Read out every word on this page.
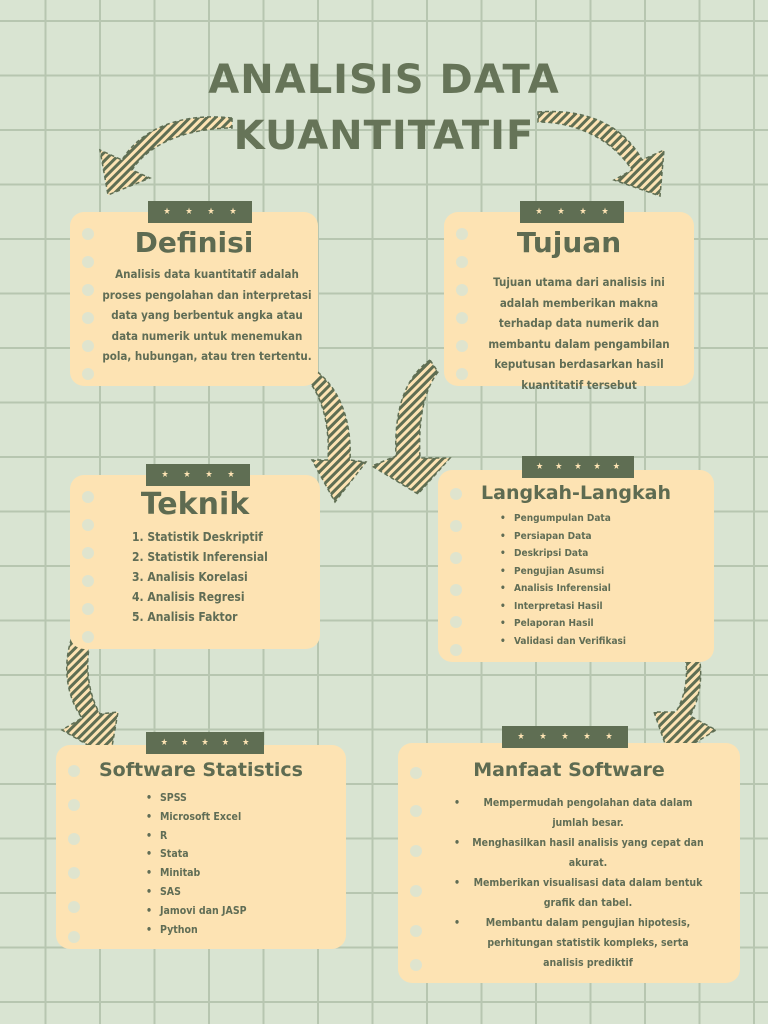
ANALISIS DATA
KUANTITATIF
Definisi
Analisis data kuantitatif adalah proses pengolahan dan interpretasi data yang berbentuk angka atau data numerik untuk menemukan pola, hubungan, atau tren tertentu.
★ ★ ★ ★
Tujuan
Tujuan utama dari analisis ini adalah memberikan makna terhadap data numerik dan membantu dalam pengambilan keputusan berdasarkan hasil kuantitatif tersebut
★ ★ ★ ★
Teknik
1. Statistik Deskriptif
2. Statistik Inferensial
3. Analisis Korelasi
4. Analisis Regresi
5. Analisis Faktor
★ ★ ★ ★
Langkah-Langkah
• Pengumpulan Data
• Persiapan Data
• Deskripsi Data
• Pengujian Asumsi
• Analisis Inferensial
• Interpretasi Hasil
• Pelaporan Hasil
• Validasi dan Verifikasi
★ ★ ★ ★ ★
Software Statistics
• SPSS
• Microsoft Excel
• R
• Stata
• Minitab
• SAS
• Jamovi dan JASP
• Python
★ ★ ★ ★ ★
Manfaat Software
• Mempermudah pengolahan data dalam jumlah besar.
• Menghasilkan hasil analisis yang cepat dan akurat.
• Memberikan visualisasi data dalam bentuk grafik dan tabel.
• Membantu dalam pengujian hipotesis, perhitungan statistik kompleks, serta analisis prediktif
★ ★ ★ ★ ★
